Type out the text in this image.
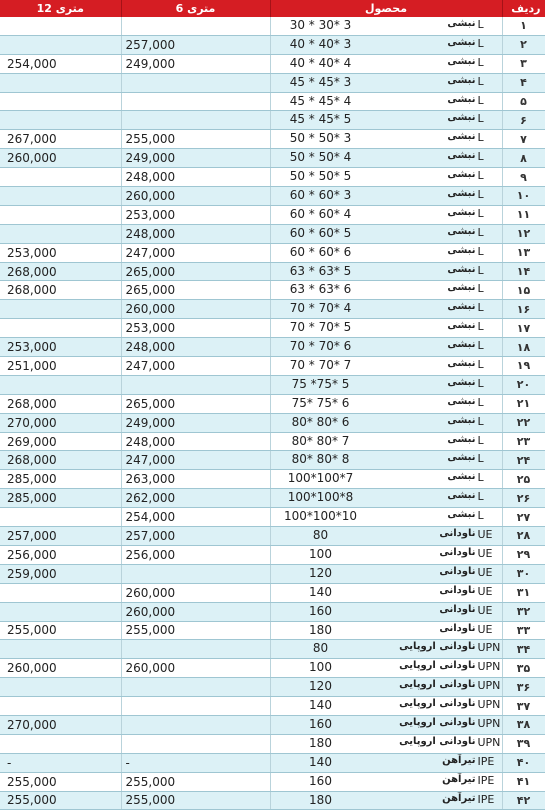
متری 12	متری 6	محصول	ردیف

		30 * 30* 3 نبشی L	۱
	257,000	40 * 40* 3 نبشی L	۲
254,000	249,000	40 * 40* 4 نبشی L	۳

		45 * 45* 3 نبشی L	۴

		45 * 45* 4 نبشی L	۵

		45 * 45* 5 نبشی L	۶
267,000	255,000	50 * 50* 3 نبشی L	۷
260,000	249,000	50 * 50* 4 نبشی L	۸
	248,000	50 * 50* 5 نبشی L	۹
	260,000	60 * 60* 3 نبشی L	۱۰
	253,000	60 * 60* 4 نبشی L	۱۱
	248,000	60 * 60* 5 نبشی L	۱۲
253,000	247,000	60 * 60* 6 نبشی L	۱۳
268,000	265,000	63 * 63* 5 نبشی L	۱۴
268,000	265,000	63 * 63* 6 نبشی L	۱۵
	260,000	70 * 70* 4 نبشی L	۱۶
	253,000	70 * 70* 5 نبشی L	۱۷
253,000	248,000	70 * 70* 6 نبشی L	۱۸
251,000	247,000	70 * 70* 7 نبشی L	۱۹

		75 *75* 5 نبشی L	۲۰
268,000	265,000	75* 75* 6 نبشی L	۲۱
270,000	249,000	80* 80* 6 نبشی L	۲۲
269,000	248,000	80* 80* 7 نبشی L	۲۳
268,000	247,000	80* 80* 8 نبشی L	۲۴
285,000	263,000	100*100*7 نبشی L	۲۵
285,000	262,000	100*100*8 نبشی L	۲۶
	254,000	100*100*10 نبشی L	۲۷
257,000	257,000	80 ناودانی UE	۲۸
256,000	256,000	100 ناودانی UE	۲۹
259,000		120 ناودانی UE	۳۰
	260,000	140 ناودانی UE	۳۱
	260,000	160 ناودانی UE	۳۲
255,000	255,000	180 ناودانی UE	۳۳

		80 ناودانی اروپایی UPN	۳۴
260,000	260,000	100 ناودانی اروپایی UPN	۳۵

		120 ناودانی اروپایی UPN	۳۶

		140 ناودانی اروپایی UPN	۳۷
270,000		160 ناودانی اروپایی UPN	۳۸

		180 ناودانی اروپایی UPN	۳۹
-	-	140 تیرآهن IPE	۴۰
255,000	255,000	160 تیرآهن IPE	۴۱
255,000	255,000	180 تیرآهن IPE	۴۲
